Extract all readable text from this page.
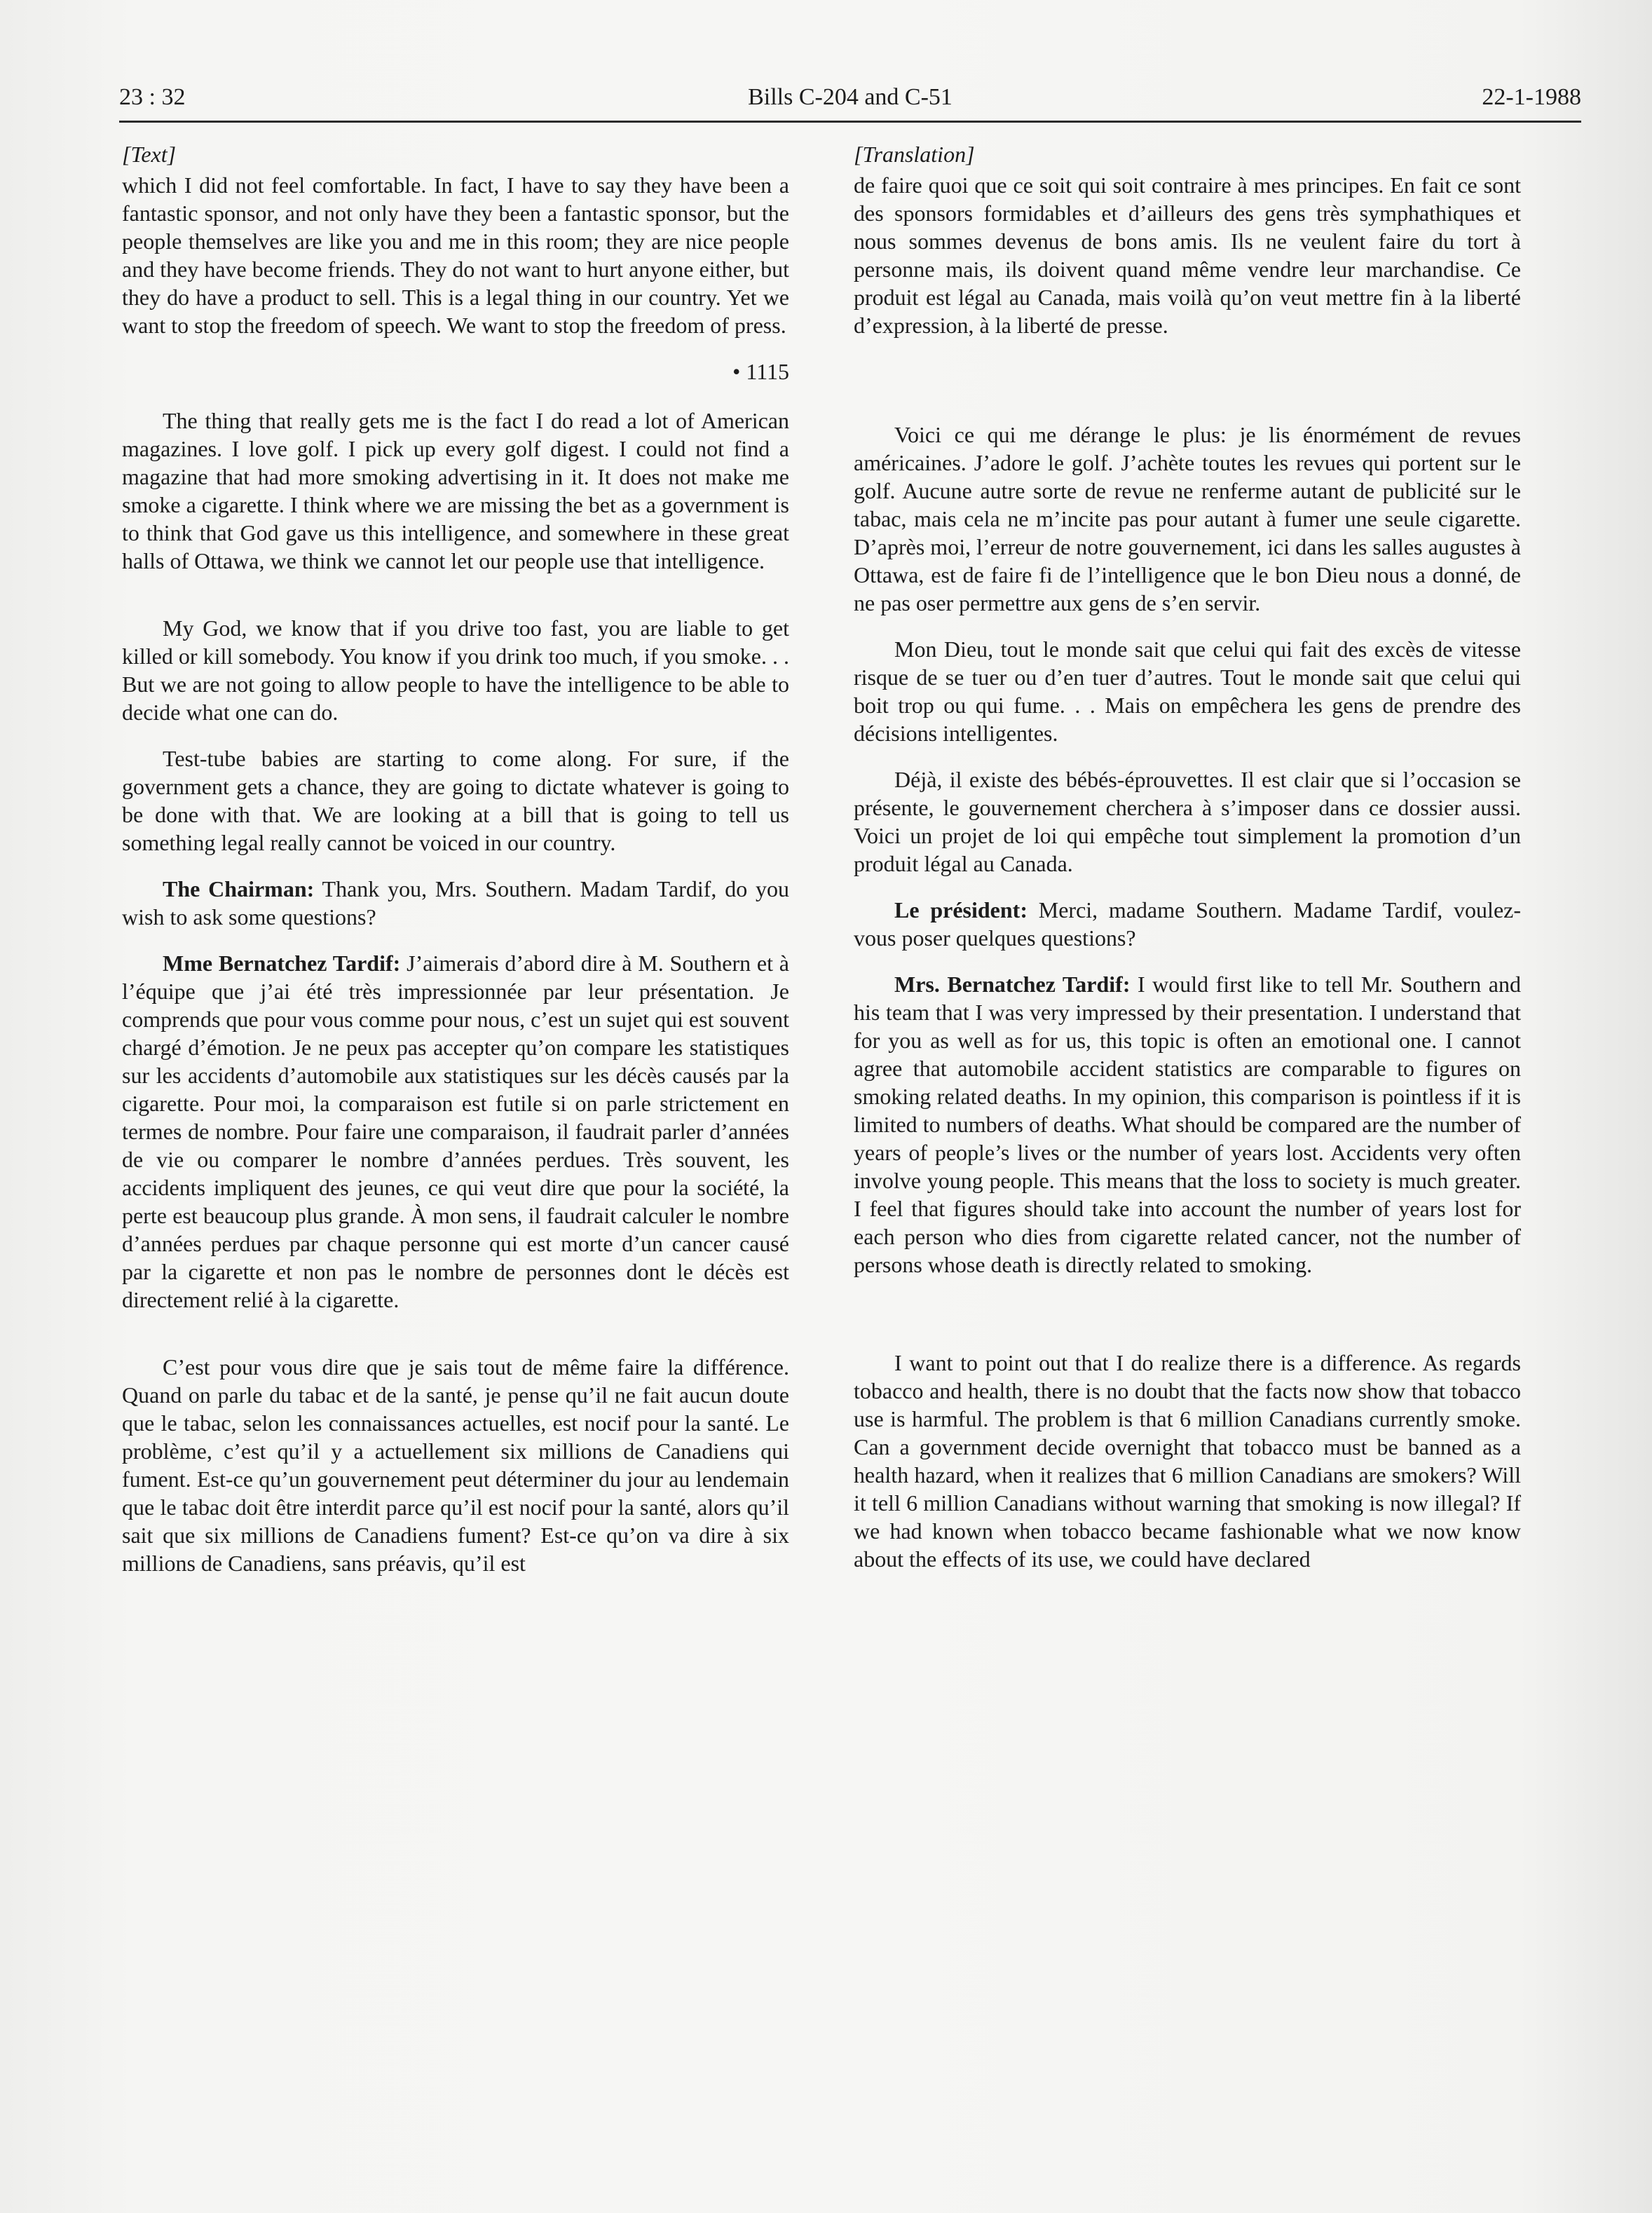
23 : 32	Bills C-204 and C-51	22-1-1988
[Text]

which I did not feel comfortable. In fact, I have to say they have been a fantastic sponsor, and not only have they been a fantastic sponsor, but the people themselves are like you and me in this room; they are nice people and they have become friends. They do not want to hurt anyone either, but they do have a product to sell. This is a legal thing in our country. Yet we want to stop the freedom of speech. We want to stop the freedom of press.

• 1115

The thing that really gets me is the fact I do read a lot of American magazines. I love golf. I pick up every golf digest. I could not find a magazine that had more smoking advertising in it. It does not make me smoke a cigarette. I think where we are missing the bet as a government is to think that God gave us this intelligence, and somewhere in these great halls of Ottawa, we think we cannot let our people use that intelligence.

My God, we know that if you drive too fast, you are liable to get killed or kill somebody. You know if you drink too much, if you smoke. . . But we are not going to allow people to have the intelligence to be able to decide what one can do.

Test-tube babies are starting to come along. For sure, if the government gets a chance, they are going to dictate whatever is going to be done with that. We are looking at a bill that is going to tell us something legal really cannot be voiced in our country.

The Chairman: Thank you, Mrs. Southern. Madam Tardif, do you wish to ask some questions?

Mme Bernatchez Tardif: J’aimerais d’abord dire à M. Southern et à l’équipe que j’ai été très impressionnée par leur présentation. Je comprends que pour vous comme pour nous, c’est un sujet qui est souvent chargé d’émotion. Je ne peux pas accepter qu’on compare les statistiques sur les accidents d’automobile aux statistiques sur les décès causés par la cigarette. Pour moi, la comparaison est futile si on parle strictement en termes de nombre. Pour faire une comparaison, il faudrait parler d’années de vie ou comparer le nombre d’années perdues. Très souvent, les accidents impliquent des jeunes, ce qui veut dire que pour la société, la perte est beaucoup plus grande. À mon sens, il faudrait calculer le nombre d’années perdues par chaque personne qui est morte d’un cancer causé par la cigarette et non pas le nombre de personnes dont le décès est directement relié à la cigarette.

C’est pour vous dire que je sais tout de même faire la différence. Quand on parle du tabac et de la santé, je pense qu’il ne fait aucun doute que le tabac, selon les connaissances actuelles, est nocif pour la santé. Le problème, c’est qu’il y a actuellement six millions de Canadiens qui fument. Est-ce qu’un gouvernement peut déterminer du jour au lendemain que le tabac doit être interdit parce qu’il est nocif pour la santé, alors qu’il sait que six millions de Canadiens fument? Est-ce qu’on va dire à six millions de Canadiens, sans préavis, qu’il est

[Translation]

de faire quoi que ce soit qui soit contraire à mes principes. En fait ce sont des sponsors formidables et d’ailleurs des gens très symphathiques et nous sommes devenus de bons amis. Ils ne veulent faire du tort à personne mais, ils doivent quand même vendre leur marchandise. Ce produit est légal au Canada, mais voilà qu’on veut mettre fin à la liberté d’expression, à la liberté de presse.

Voici ce qui me dérange le plus: je lis énormément de revues américaines. J’adore le golf. J’achète toutes les revues qui portent sur le golf. Aucune autre sorte de revue ne renferme autant de publicité sur le tabac, mais cela ne m’incite pas pour autant à fumer une seule cigarette. D’après moi, l’erreur de notre gouvernement, ici dans les salles augustes à Ottawa, est de faire fi de l’intelligence que le bon Dieu nous a donné, de ne pas oser permettre aux gens de s’en servir.

Mon Dieu, tout le monde sait que celui qui fait des excès de vitesse risque de se tuer ou d’en tuer d’autres. Tout le monde sait que celui qui boit trop ou qui fume. . . Mais on empêchera les gens de prendre des décisions intelligentes.

Déjà, il existe des bébés-éprouvettes. Il est clair que si l’occasion se présente, le gouvernement cherchera à s’imposer dans ce dossier aussi. Voici un projet de loi qui empêche tout simplement la promotion d’un produit légal au Canada.

Le président: Merci, madame Southern. Madame Tardif, voulez-vous poser quelques questions?

Mrs. Bernatchez Tardif: I would first like to tell Mr. Southern and his team that I was very impressed by their presentation. I understand that for you as well as for us, this topic is often an emotional one. I cannot agree that automobile accident statistics are comparable to figures on smoking related deaths. In my opinion, this comparison is pointless if it is limited to numbers of deaths. What should be compared are the number of years of people’s lives or the number of years lost. Accidents very often involve young people. This means that the loss to society is much greater. I feel that figures should take into account the number of years lost for each person who dies from cigarette related cancer, not the number of persons whose death is directly related to smoking.

I want to point out that I do realize there is a difference. As regards tobacco and health, there is no doubt that the facts now show that tobacco use is harmful. The problem is that 6 million Canadians currently smoke. Can a government decide overnight that tobacco must be banned as a health hazard, when it realizes that 6 million Canadians are smokers? Will it tell 6 million Canadians without warning that smoking is now illegal? If we had known when tobacco became fashionable what we now know about the effects of its use, we could have declared
